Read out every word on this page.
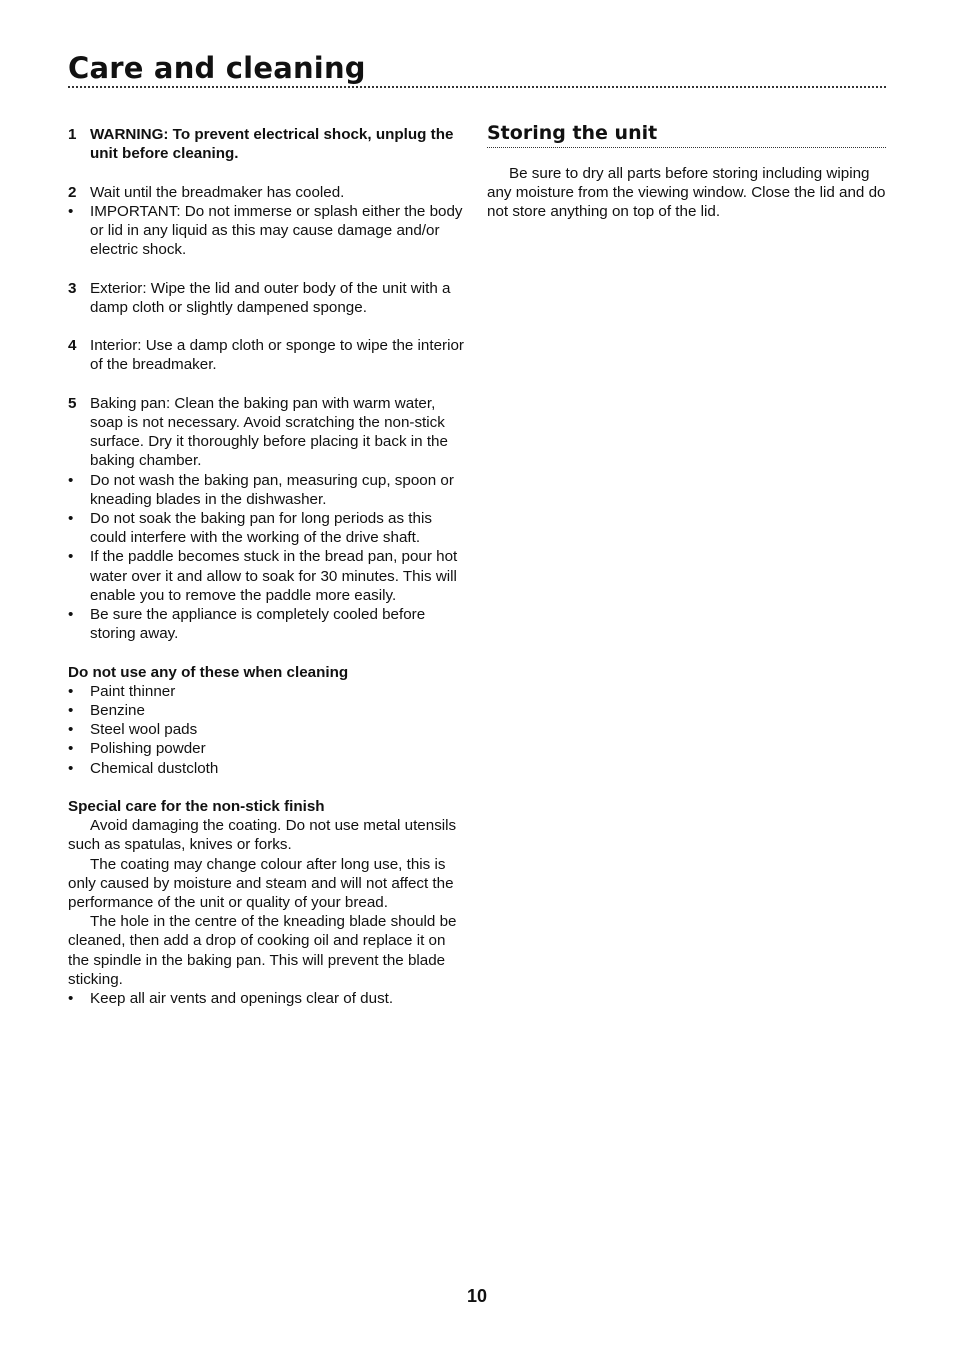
Care and cleaning
1 WARNING: To prevent electrical shock, unplug the unit before cleaning.
2 Wait until the breadmaker has cooled.
•	IMPORTANT: Do not immerse or splash either the body or lid in any liquid as this may cause damage and/or electric shock.
3 Exterior: Wipe the lid and outer body of the unit with a damp cloth or slightly dampened sponge.
4 Interior: Use a damp cloth or sponge to wipe the interior of the breadmaker.
5 Baking pan: Clean the baking pan with warm water, soap is not necessary. Avoid scratching the non-stick surface. Dry it thoroughly before placing it back in the baking chamber.
•	Do not wash the baking pan, measuring cup, spoon or kneading blades in the dishwasher.
•	Do not soak the baking pan for long periods as this could interfere with the working of the drive shaft.
•	If the paddle becomes stuck in the bread pan, pour hot water over it and allow to soak for 30 minutes. This will enable you to remove the paddle more easily.
•	Be sure the appliance is completely cooled before storing away.
Do not use any of these when cleaning
•	Paint thinner
•	Benzine
•	Steel wool pads
•	Polishing powder
•	Chemical dustcloth
Special care for the non-stick finish
Avoid damaging the coating. Do not use metal utensils such as spatulas, knives or forks.
The coating may change colour after long use, this is only caused by moisture and steam and will not affect the performance of the unit or quality of your bread.
The hole in the centre of the kneading blade should be cleaned, then add a drop of cooking oil and replace it on the spindle in the baking pan. This will prevent the blade sticking.
•	Keep all air vents and openings clear of dust.
Storing the unit
Be sure to dry all parts before storing including wiping any moisture from the viewing window. Close the lid and do not store anything on top of the lid.
10
